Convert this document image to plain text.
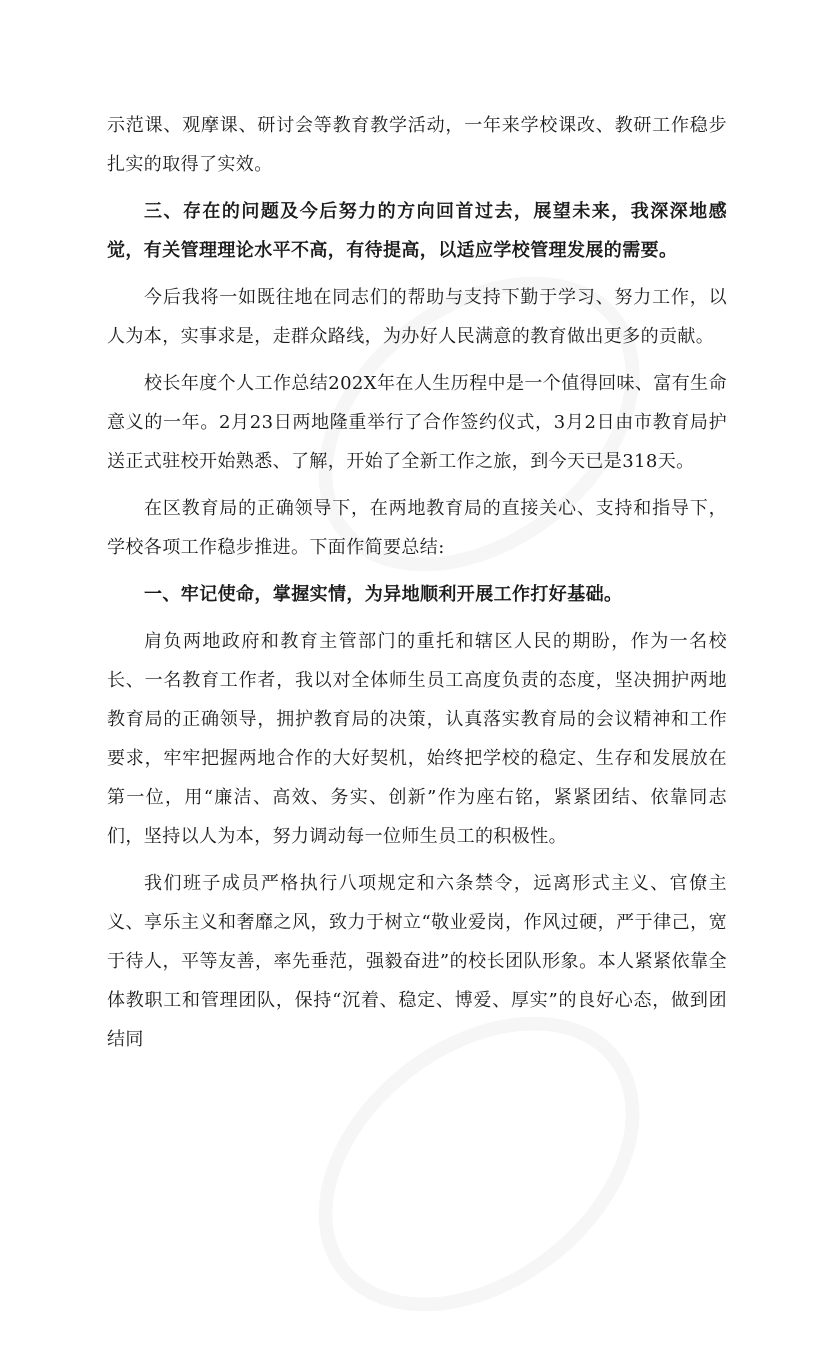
示范课、观摩课、研讨会等教育教学活动，一年来学校课改、教研工作稳步扎实的取得了实效。

三、存在的问题及今后努力的方向回首过去，展望未来，我深深地感觉，有关管理理论水平不高，有待提高，以适应学校管理发展的需要。

今后我将一如既往地在同志们的帮助与支持下勤于学习、努力工作，以人为本，实事求是，走群众路线，为办好人民满意的教育做出更多的贡献。

校长年度个人工作总结202X年在人生历程中是一个值得回味、富有生命意义的一年。2月23日两地隆重举行了合作签约仪式，3月2日由市教育局护送正式驻校开始熟悉、了解，开始了全新工作之旅，到今天已是318天。

在区教育局的正确领导下，在两地教育局的直接关心、支持和指导下，学校各项工作稳步推进。下面作简要总结:

一、牢记使命，掌握实情，为异地顺利开展工作打好基础。

肩负两地政府和教育主管部门的重托和辖区人民的期盼，作为一名校长、一名教育工作者，我以对全体师生员工高度负责的态度，坚决拥护两地教育局的正确领导，拥护教育局的决策，认真落实教育局的会议精神和工作要求，牢牢把握两地合作的大好契机，始终把学校的稳定、生存和发展放在第一位，用“廉洁、高效、务实、创新”作为座右铭，紧紧团结、依靠同志们，坚持以人为本，努力调动每一位师生员工的积极性。

我们班子成员严格执行八项规定和六条禁令，远离形式主义、官僚主义、享乐主义和奢靡之风，致力于树立“敬业爱岗，作风过硬，严于律己，宽于待人，平等友善，率先垂范，强毅奋进”的校长团队形象。本人紧紧依靠全体教职工和管理团队，保持“沉着、稳定、博爱、厚实”的良好心态，做到团结同
